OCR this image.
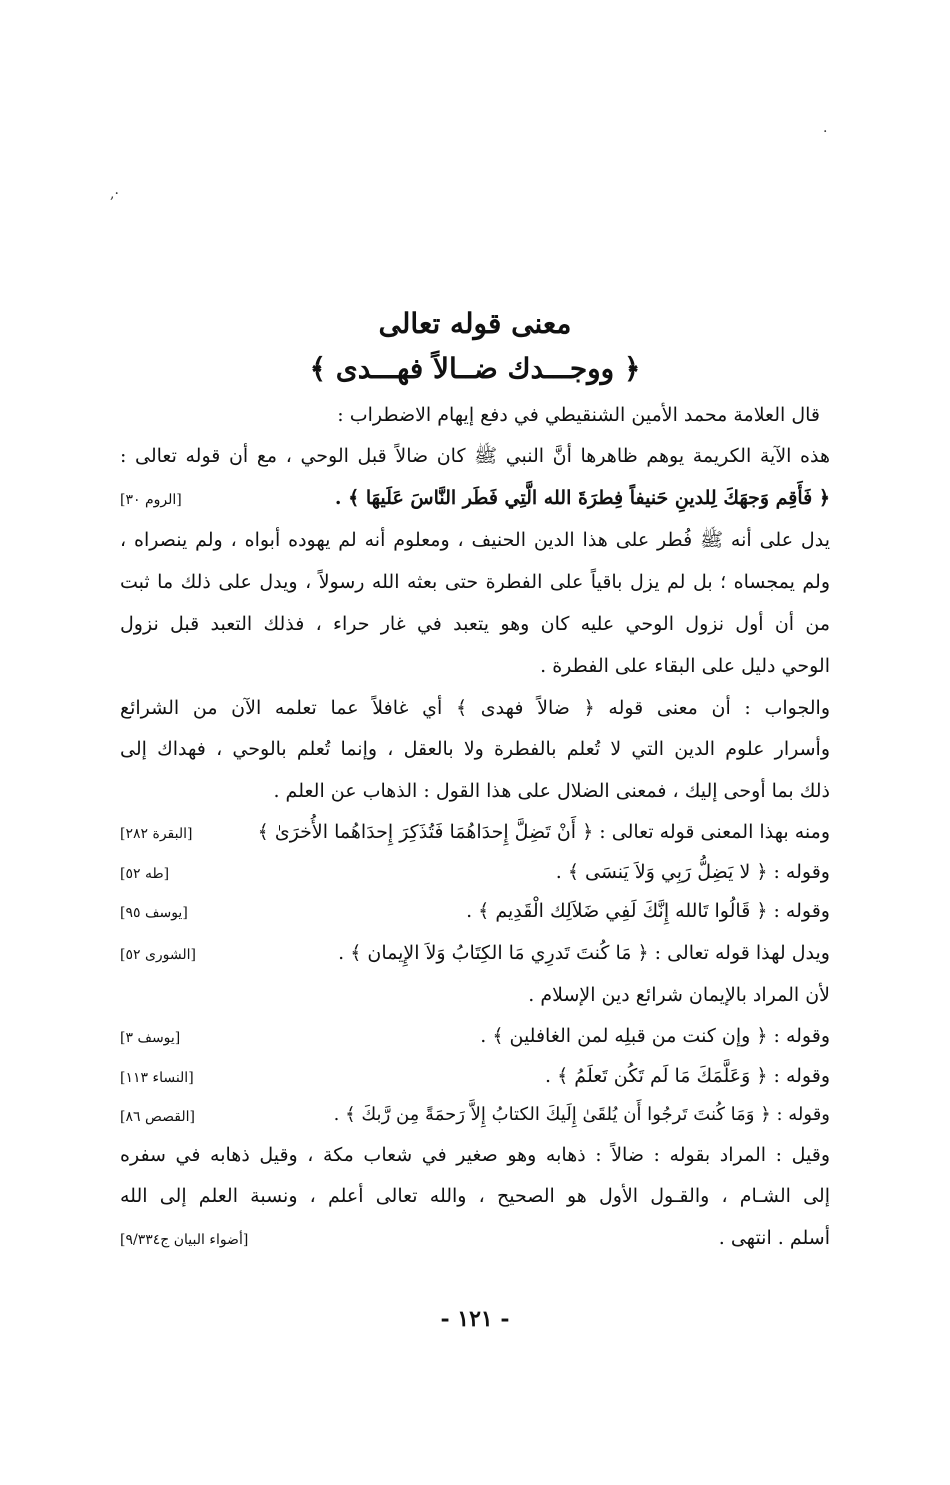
·
·,
معنى قوله تعالى
﴿ ووجـــدك ضــالاً فهـــدى ﴾
قال العلامة محمد الأمين الشنقيطي في دفع إيهام الاضطراب :
هذه الآية الكريمة يوهم ظاهرها أنَّ النبي ﷺ كان ضالاً قبل الوحي ، مع أن قوله تعالى :
﴿ فَأَقِم وَجهَكَ لِلدينِ حَنيفاً فِطرَةَ الله الَّتِي فَطَر النَّاسَ عَلَيهَا ﴾ .
[الروم ٣٠]
يدل على أنه ﷺ فُطر على هذا الدين الحنيف ، ومعلوم أنه لم يهوده أبواه ، ولم ينصراه ،
ولم يمجساه ؛ بل لم يزل باقياً على الفطرة حتى بعثه الله رسولاً ، ويدل على ذلك ما ثبت
من أن أول نزول الوحي عليه كان وهو يتعبد في غار حراء ، فذلك التعبد قبل نزول
الوحي دليل على البقاء على الفطرة .
والجواب : أن معنى قوله ﴿ ضالاً فهدى ﴾ أي غافلاً عما تعلمه الآن من الشرائع
وأسرار علوم الدين التي لا تُعلم بالفطرة ولا بالعقل ، وإنما تُعلم بالوحي ، فهداك إلى
ذلك بما أوحى إليك ، فمعنى الضلال على هذا القول : الذهاب عن العلم .
ومنه بهذا المعنى قوله تعالى : ﴿ أَنْ تَضِلَّ إِحدَاهُمَا فَتُذَكِرَ إِحدَاهُما الأُخرَىٰ ﴾
[البقرة ٢٨٢]
وقوله : ﴿ لا يَضِلُّ رَبِي وَلاَ يَنسَى ﴾ .
[طه ٥٢]
وقوله : ﴿ قَالُوا تَالله إِنَّكَ لَفِي ضَلاَلِك الْقَدِيم ﴾ .
[يوسف ٩٥]
ويدل لهذا قوله تعالى : ﴿ مَا كُنتَ تَدرِي مَا الكِتَابُ وَلاَ الإِيمان ﴾ .
[الشورى ٥٢]
لأن المراد بالإيمان شرائع دين الإسلام .
وقوله : ﴿ وإن كنت من قبلِه لمن الغافلين ﴾ .
[يوسف ٣]
وقوله : ﴿ وَعَلَّمَكَ مَا لَم تَكُن تَعلَمُ ﴾ .
[النساء ١١٣]
وقوله : ﴿ وَمَا كُنتَ تَرجُوا أَن يُلقَىٰ إِلَيكَ الكتابُ إِلاَّ رَحمَةً مِن رَّبكَ ﴾ .
[القصص ٨٦]
وقيل : المراد بقوله : ضالاً : ذهابه وهو صغير في شعاب مكة ، وقيل ذهابه في سفره
إلى الشـام ، والقـول الأول هو الصحيح ، والله تعالى أعلم ، ونسبة العلم إلى الله
أسلم . انتهى .
[أضواء البيان ج٩/٣٣٤]
- ١٢١ -
